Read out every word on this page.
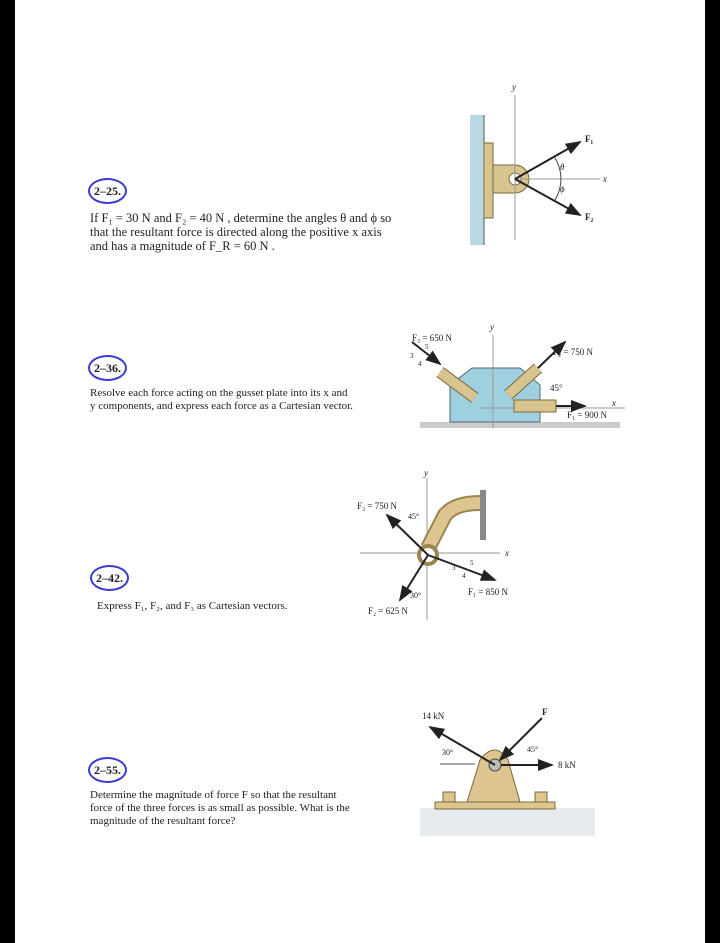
2–25.
If F₁ = 30 N and F₂ = 40 N , determine the angles θ and ϕ so
that the resultant force is directed along the positive x axis
and has a magnitude of F_R = 60 N .
y
x
F₁
F₂
θ
ϕ
2–36.
Resolve each force acting on the gusset plate into its x and
y components, and express each force as a Cartesian vector.
y
x
F₃ = 650 N
F₂ = 750 N
F₁ = 900 N
45°
3
5
4
2–42.
Express F₁, F₂, and F₃ as Cartesian vectors.
y
x
F₃ = 750 N
F₁ = 850 N
F₂ = 625 N
45°
30°
3
5
4
2–55.
Determine the magnitude of force F so that the resultant
force of the three forces is as small as possible. What is the
magnitude of the resultant force?
14 kN	F
8 kN
30°	45°
